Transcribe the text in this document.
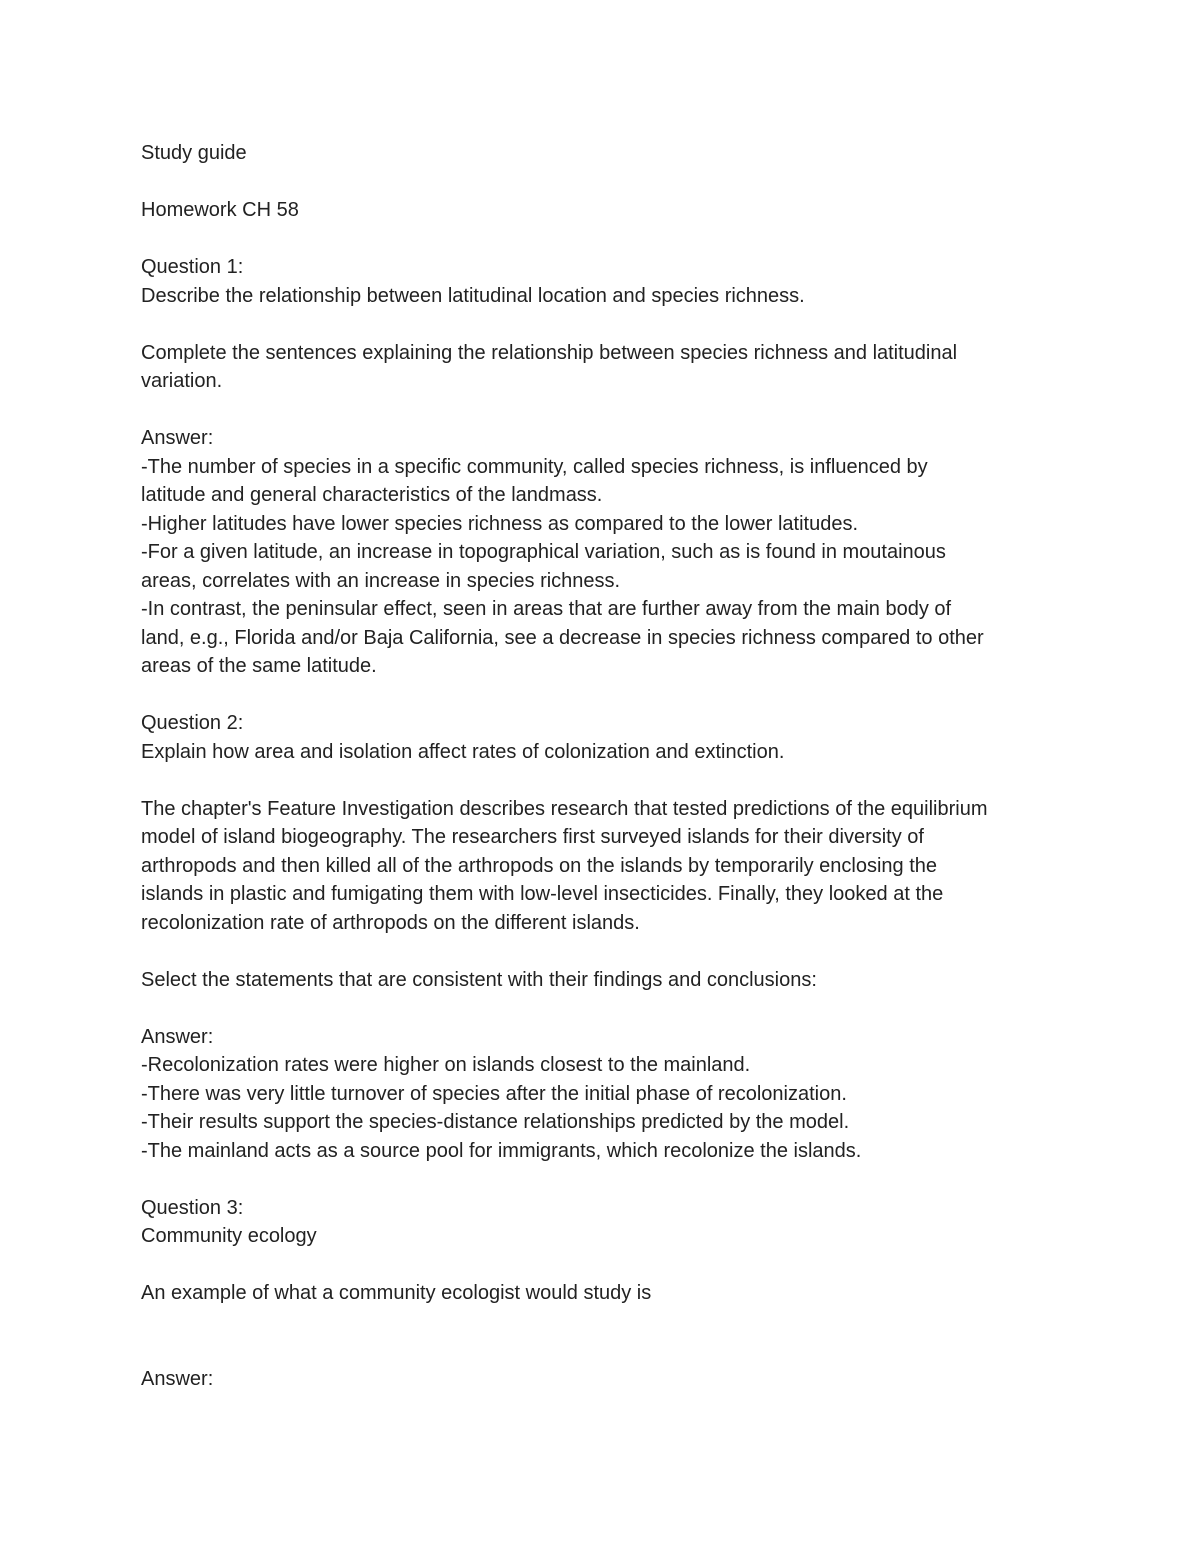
Study guide
Homework CH 58
Question 1:
Describe the relationship between latitudinal location and species richness.
Complete the sentences explaining the relationship between species richness and latitudinal
variation.
Answer:
-The number of species in a specific community, called species richness, is influenced by
latitude and general characteristics of the landmass.
-Higher latitudes have lower species richness as compared to the lower latitudes.
-For a given latitude, an increase in topographical variation, such as is found in moutainous
areas, correlates with an increase in species richness.
-In contrast, the peninsular effect, seen in areas that are further away from the main body of
land, e.g., Florida and/or Baja California, see a decrease in species richness compared to other
areas of the same latitude.
Question 2:
Explain how area and isolation affect rates of colonization and extinction.
The chapter's Feature Investigation describes research that tested predictions of the equilibrium
model of island biogeography. The researchers first surveyed islands for their diversity of
arthropods and then killed all of the arthropods on the islands by temporarily enclosing the
islands in plastic and fumigating them with low-level insecticides. Finally, they looked at the
recolonization rate of arthropods on the different islands.
Select the statements that are consistent with their findings and conclusions:
Answer:
-Recolonization rates were higher on islands closest to the mainland.
-There was very little turnover of species after the initial phase of recolonization.
-Their results support the species-distance relationships predicted by the model.
-The mainland acts as a source pool for immigrants, which recolonize the islands.
Question 3:
Community ecology
An example of what a community ecologist would study is
Answer:
